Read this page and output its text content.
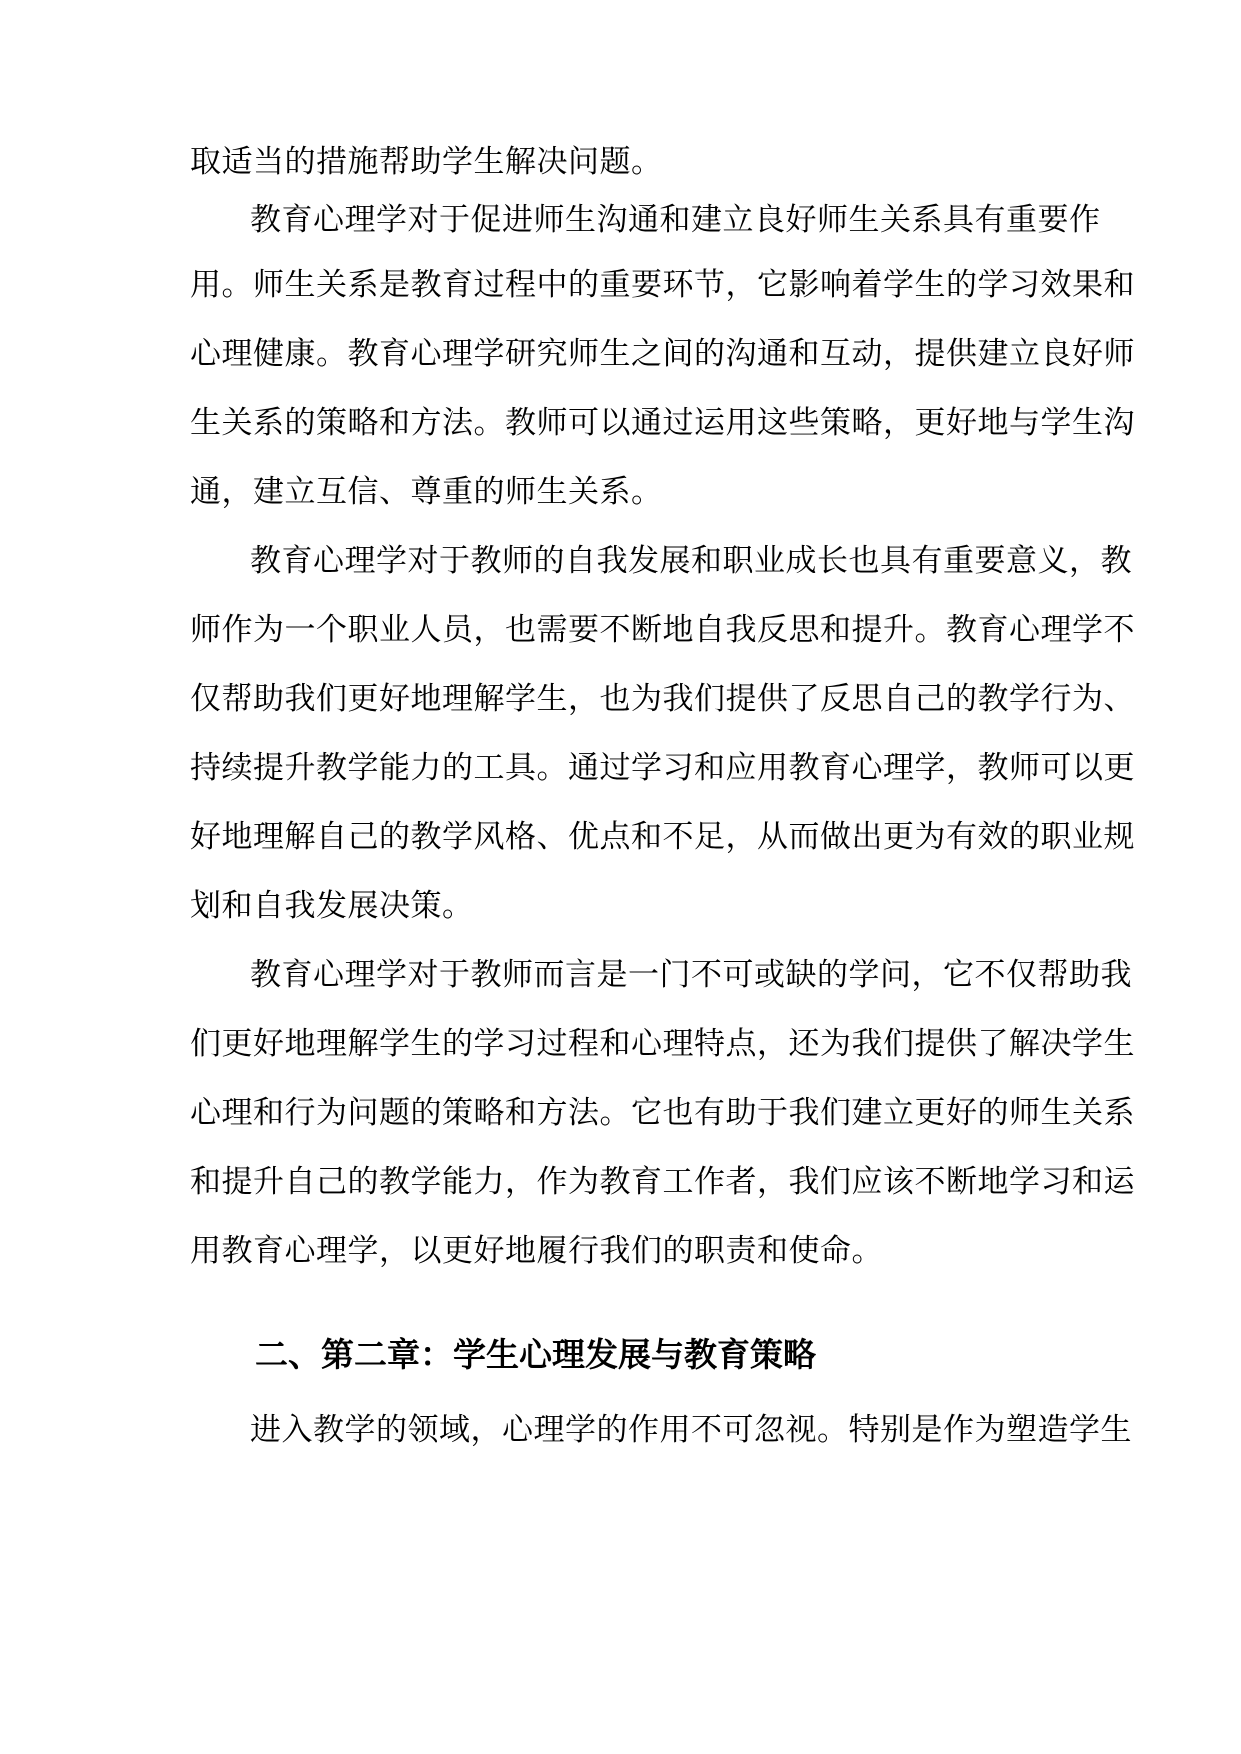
取适当的措施帮助学生解决问题。
教育心理学对于促进师生沟通和建立良好师生关系具有重要作
用。师生关系是教育过程中的重要环节，它影响着学生的学习效果和
心理健康。教育心理学研究师生之间的沟通和互动，提供建立良好师
生关系的策略和方法。教师可以通过运用这些策略，更好地与学生沟
通，建立互信、尊重的师生关系。
教育心理学对于教师的自我发展和职业成长也具有重要意义，教
师作为一个职业人员，也需要不断地自我反思和提升。教育心理学不
仅帮助我们更好地理解学生，也为我们提供了反思自己的教学行为、
持续提升教学能力的工具。通过学习和应用教育心理学，教师可以更
好地理解自己的教学风格、优点和不足，从而做出更为有效的职业规
划和自我发展决策。
教育心理学对于教师而言是一门不可或缺的学问，它不仅帮助我
们更好地理解学生的学习过程和心理特点，还为我们提供了解决学生
心理和行为问题的策略和方法。它也有助于我们建立更好的师生关系
和提升自己的教学能力，作为教育工作者，我们应该不断地学习和运
用教育心理学，以更好地履行我们的职责和使命。
二、第二章：学生心理发展与教育策略
进入教学的领域，心理学的作用不可忽视。特别是作为塑造学生
